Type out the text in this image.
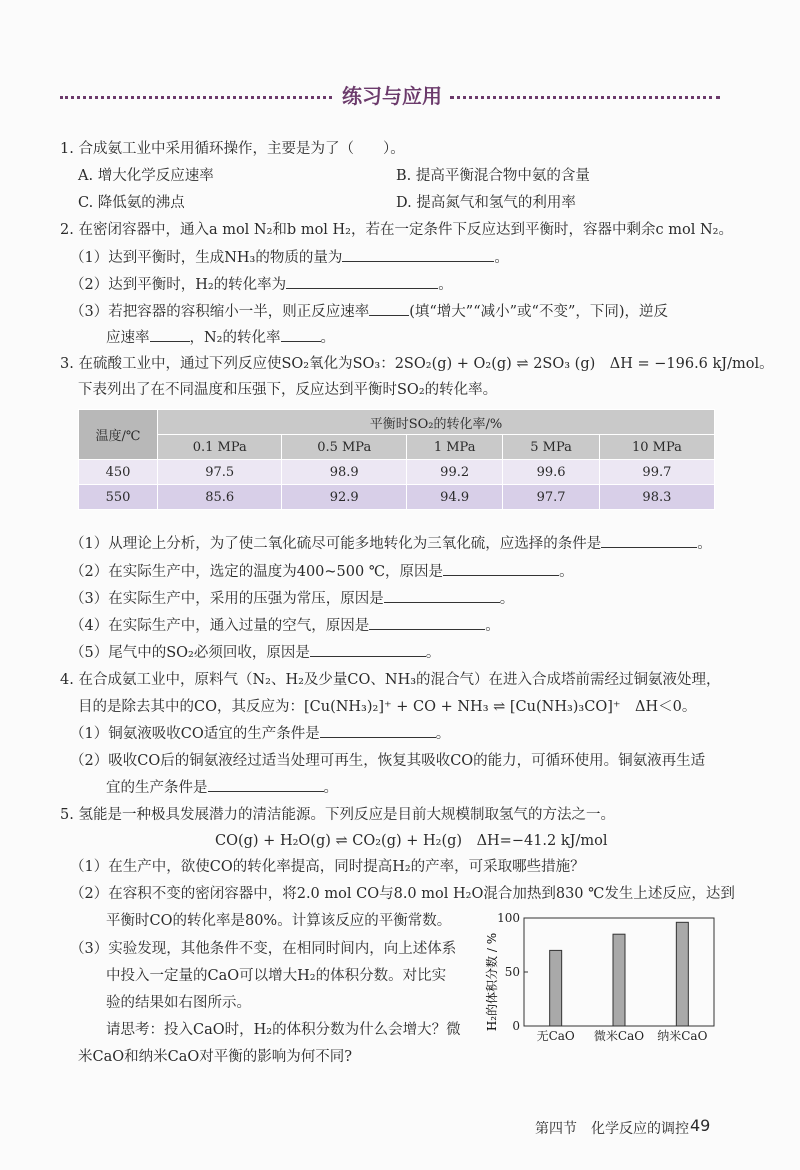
练习与应用
1. 合成氨工业中采用循环操作，主要是为了（　　）。
A. 增大化学反应速率	B. 提高平衡混合物中氨的含量
C. 降低氨的沸点	D. 提高氮气和氢气的利用率
2. 在密闭容器中，通入a mol N₂和b mol H₂，若在一定条件下反应达到平衡时，容器中剩余c mol N₂。
（1）达到平衡时，生成NH₃的物质的量为	。
（2）达到平衡时，H₂的转化率为	。
（3）若把容器的容积缩小一半，则正反应速率	(填“增大”“减小”或“不变”，下同)，逆反
应速率	，N₂的转化率	。
3. 在硫酸工业中，通过下列反应使SO₂氧化为SO₃：2SO₂(g) + O₂(g) ⇌ 2SO₃ (g)　ΔH = −196.6 kJ/mol。
下表列出了在不同温度和压强下，反应达到平衡时SO₂的转化率。
温度/℃	平衡时SO₂的转化率/%				
	0.1 MPa	0.5 MPa	1 MPa	5 MPa	10 MPa
450	97.5	98.9	99.2	99.6	99.7
550	85.6	92.9	94.9	97.7	98.3
（1）从理论上分析，为了使二氧化硫尽可能多地转化为三氧化硫，应选择的条件是	。
（2）在实际生产中，选定的温度为400~500 ℃，原因是	。
（3）在实际生产中，采用的压强为常压，原因是	。
（4）在实际生产中，通入过量的空气，原因是	。
（5）尾气中的SO₂必须回收，原因是	。
4. 在合成氨工业中，原料气（N₂、H₂及少量CO、NH₃的混合气）在进入合成塔前需经过铜氨液处理，
目的是除去其中的CO，其反应为：[Cu(NH₃)₂]⁺ + CO + NH₃ ⇌ [Cu(NH₃)₃CO]⁺　ΔH＜0。
（1）铜氨液吸收CO适宜的生产条件是	。
（2）吸收CO后的铜氨液经过适当处理可再生，恢复其吸收CO的能力，可循环使用。铜氨液再生适
宜的生产条件是	。
5. 氢能是一种极具发展潜力的清洁能源。下列反应是目前大规模制取氢气的方法之一。
CO(g) + H₂O(g) ⇌ CO₂(g) + H₂(g)　ΔH=−41.2 kJ/mol
（1）在生产中，欲使CO的转化率提高，同时提高H₂的产率，可采取哪些措施？
（2）在容积不变的密闭容器中，将2.0 mol CO与8.0 mol H₂O混合加热到830 ℃发生上述反应，达到
平衡时CO的转化率是80%。计算该反应的平衡常数。
（3）实验发现，其他条件不变，在相同时间内，向上述体系
中投入一定量的CaO可以增大H₂的体积分数。对比实
验的结果如右图所示。
请思考：投入CaO时，H₂的体积分数为什么会增大？微
米CaO和纳米CaO对平衡的影响为何不同?
H₂的体积分数 / % 0
50
100
无CaO 微米CaO 纳米CaO
第四节　化学反应的调控 49
